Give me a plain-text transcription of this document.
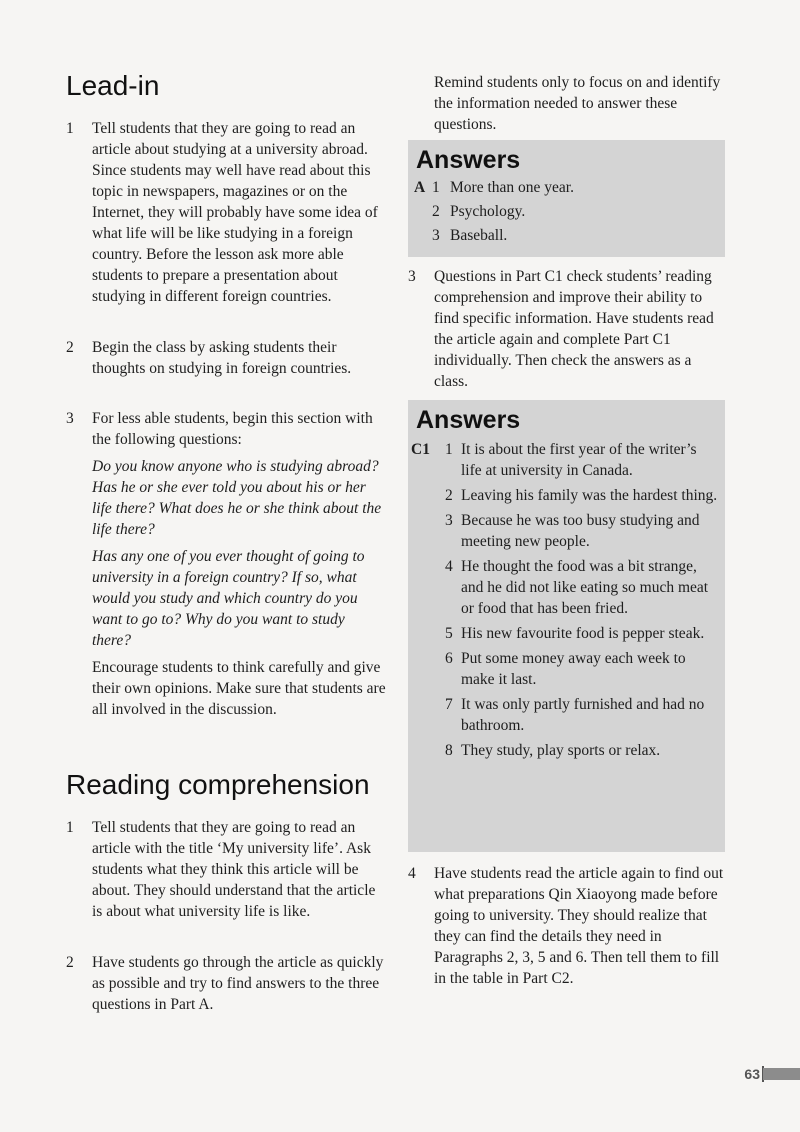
Lead-in
1 Tell students that they are going to read an article about studying at a university abroad. Since students may well have read about this topic in newspapers, magazines or on the Internet, they will probably have some idea of what life will be like studying in a foreign country. Before the lesson ask more able students to prepare a presentation about studying in different foreign countries.

2 Begin the class by asking students their thoughts on studying in foreign countries.

3 For less able students, begin this section with the following questions:

Do you know anyone who is studying abroad? Has he or she ever told you about his or her life there? What does he or she think about the life there?

Has any one of you ever thought of going to university in a foreign country? If so, what would you study and which country do you want to go to? Why do you want to study there?

Encourage students to think carefully and give their own opinions. Make sure that students are all involved in the discussion.

Reading comprehension
1 Tell students that they are going to read an article with the title ‘My university life’. Ask students what they think this article will be about. They should understand that the article is about what university life is like.

2 Have students go through the article as quickly as possible and try to find answers to the three questions in Part A.

Remind students only to focus on and identify the information needed to answer these questions.

Answers
A 1 More than one year.
2 Psychology.
3 Baseball.
3 Questions in Part C1 check students’ reading comprehension and improve their ability to find specific information. Have students read the article again and complete Part C1 individually. Then check the answers as a class.

Answers
C1 1 It is about the first year of the writer’s life at university in Canada.
2 Leaving his family was the hardest thing.
3 Because he was too busy studying and meeting new people.
4 He thought the food was a bit strange, and he did not like eating so much meat or food that has been fried.
5 His new favourite food is pepper steak.
6 Put some money away each week to make it last.
7 It was only partly furnished and had no bathroom.
8 They study, play sports or relax.
4 Have students read the article again to find out what preparations Qin Xiaoyong made before going to university. They should realize that they can find the details they need in Paragraphs 2, 3, 5 and 6. Then tell them to fill in the table in Part C2.

63
